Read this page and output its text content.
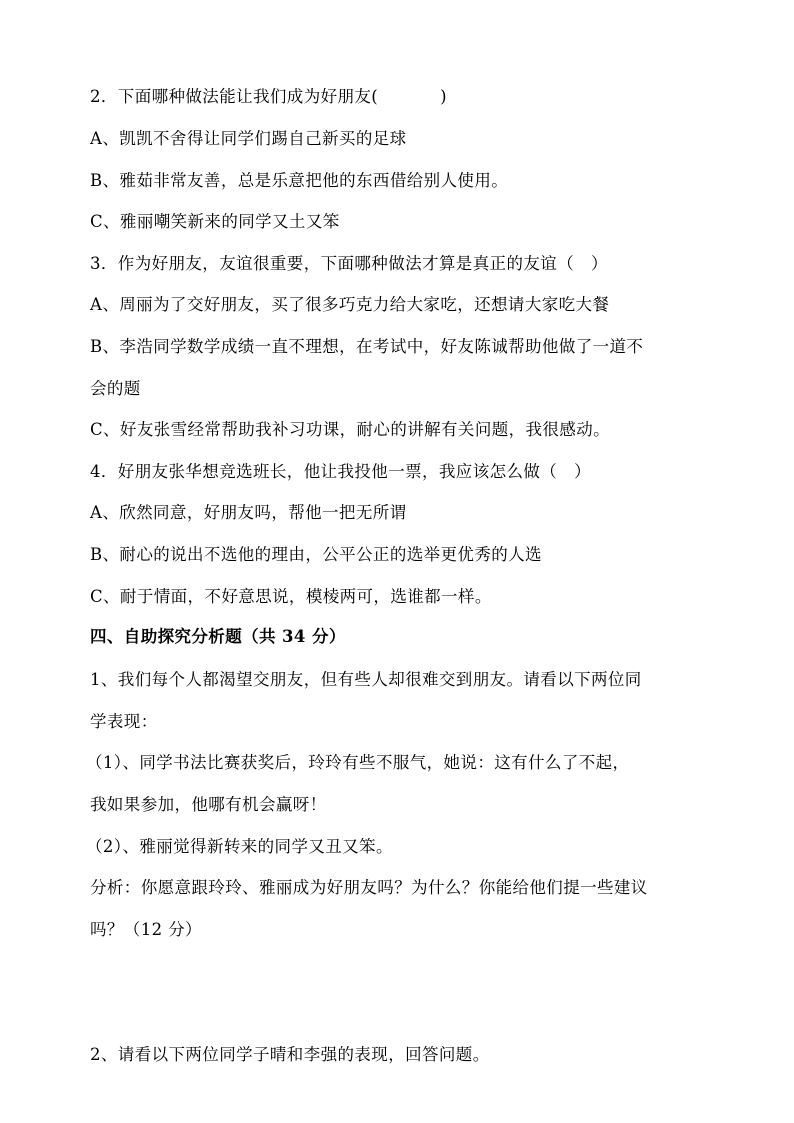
2．下面哪种做法能让我们成为好朋友(	)
A、凯凯不舍得让同学们踢自己新买的足球
B、雅茹非常友善，总是乐意把他的东西借给别人使用。
C、雅丽嘲笑新来的同学又土又笨
3．作为好朋友，友谊很重要，下面哪种做法才算是真正的友谊（　）
A、周丽为了交好朋友，买了很多巧克力给大家吃，还想请大家吃大餐
B、李浩同学数学成绩一直不理想，在考试中，好友陈诚帮助他做了一道不
会的题
C、好友张雪经常帮助我补习功课，耐心的讲解有关问题，我很感动。
4．好朋友张华想竞选班长，他让我投他一票，我应该怎么做（　）
A、欣然同意，好朋友吗，帮他一把无所谓
B、耐心的说出不选他的理由，公平公正的选举更优秀的人选
C、耐于情面，不好意思说，模棱两可，选谁都一样。
四、自助探究分析题（共 34 分）
1、我们每个人都渴望交朋友，但有些人却很难交到朋友。请看以下两位同
学表现：
（1）、同学书法比赛获奖后，玲玲有些不服气，她说：这有什么了不起，
我如果参加，他哪有机会赢呀！
（2）、雅丽觉得新转来的同学又丑又笨。
分析：你愿意跟玲玲、雅丽成为好朋友吗？为什么？你能给他们提一些建议
吗？（12 分）
2、请看以下两位同学子晴和李强的表现，回答问题。
